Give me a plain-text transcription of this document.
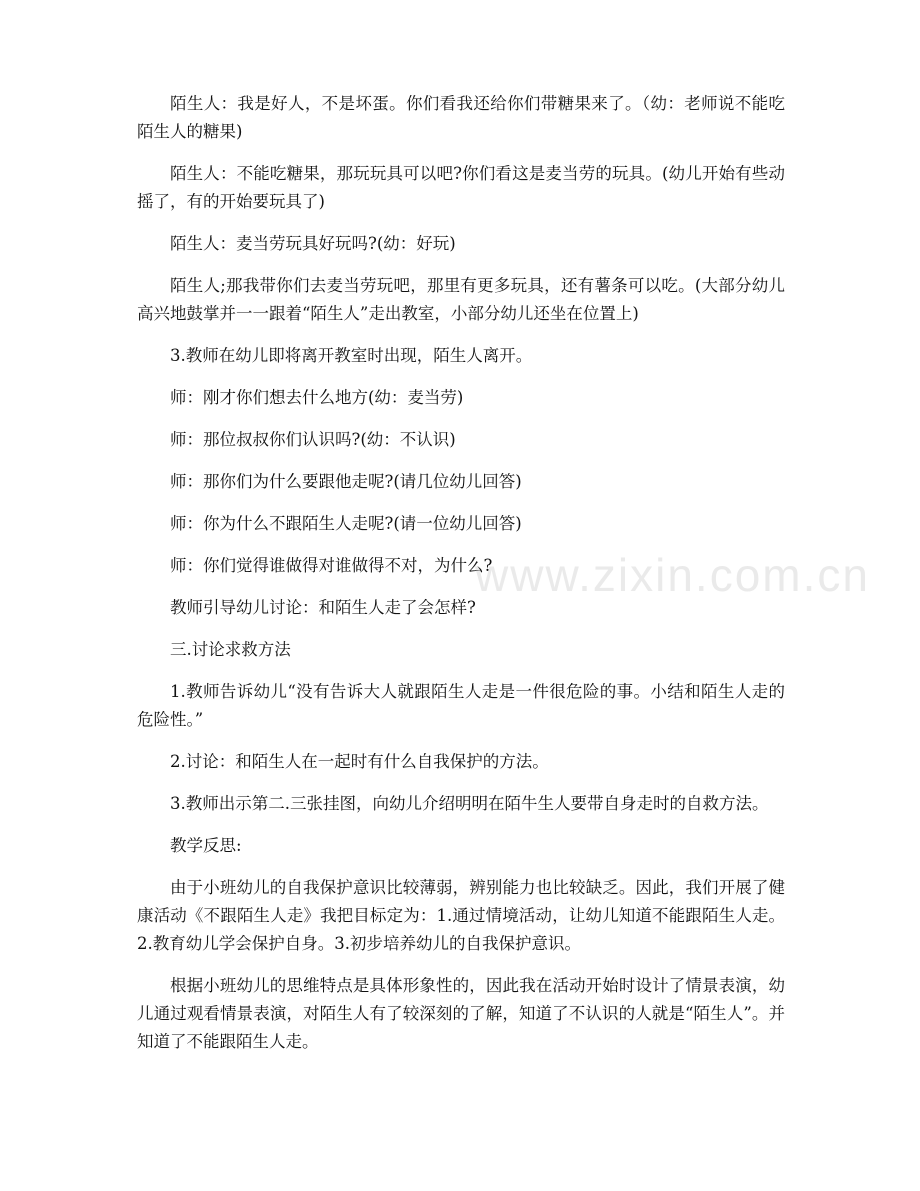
陌生人：我是好人，不是坏蛋。你们看我还给你们带糖果来了。（幼：老师说不能吃陌生人的糖果)

陌生人：不能吃糖果，那玩玩具可以吧?你们看这是麦当劳的玩具。(幼儿开始有些动摇了，有的开始要玩具了)

陌生人：麦当劳玩具好玩吗?(幼：好玩)

陌生人;那我带你们去麦当劳玩吧，那里有更多玩具，还有薯条可以吃。(大部分幼儿高兴地鼓掌并一一跟着“陌生人”走出教室，小部分幼儿还坐在位置上)

3.教师在幼儿即将离开教室时出现，陌生人离开。

师：刚才你们想去什么地方(幼：麦当劳)

师：那位叔叔你们认识吗?(幼：不认识)

师：那你们为什么要跟他走呢?(请几位幼儿回答)

师：你为什么不跟陌生人走呢?(请一位幼儿回答)

师：你们觉得谁做得对谁做得不对，为什么?

教师引导幼儿讨论：和陌生人走了会怎样?

三.讨论求救方法

1.教师告诉幼儿“没有告诉大人就跟陌生人走是一件很危险的事。小结和陌生人走的危险性。”

2.讨论：和陌生人在一起时有什么自我保护的方法。

3.教师出示第二.三张挂图，向幼儿介绍明明在陌牛生人要带自身走时的自救方法。

教学反思:

由于小班幼儿的自我保护意识比较薄弱，辨别能力也比较缺乏。因此，我们开展了健康活动《不跟陌生人走》我把目标定为：1.通过情境活动，让幼儿知道不能跟陌生人走。2.教育幼儿学会保护自身。3.初步培养幼儿的自我保护意识。

根据小班幼儿的思维特点是具体形象性的，因此我在活动开始时设计了情景表演，幼儿通过观看情景表演，对陌生人有了较深刻的了解，知道了不认识的人就是“陌生人”。并知道了不能跟陌生人走。

www.zixin.com.cn
